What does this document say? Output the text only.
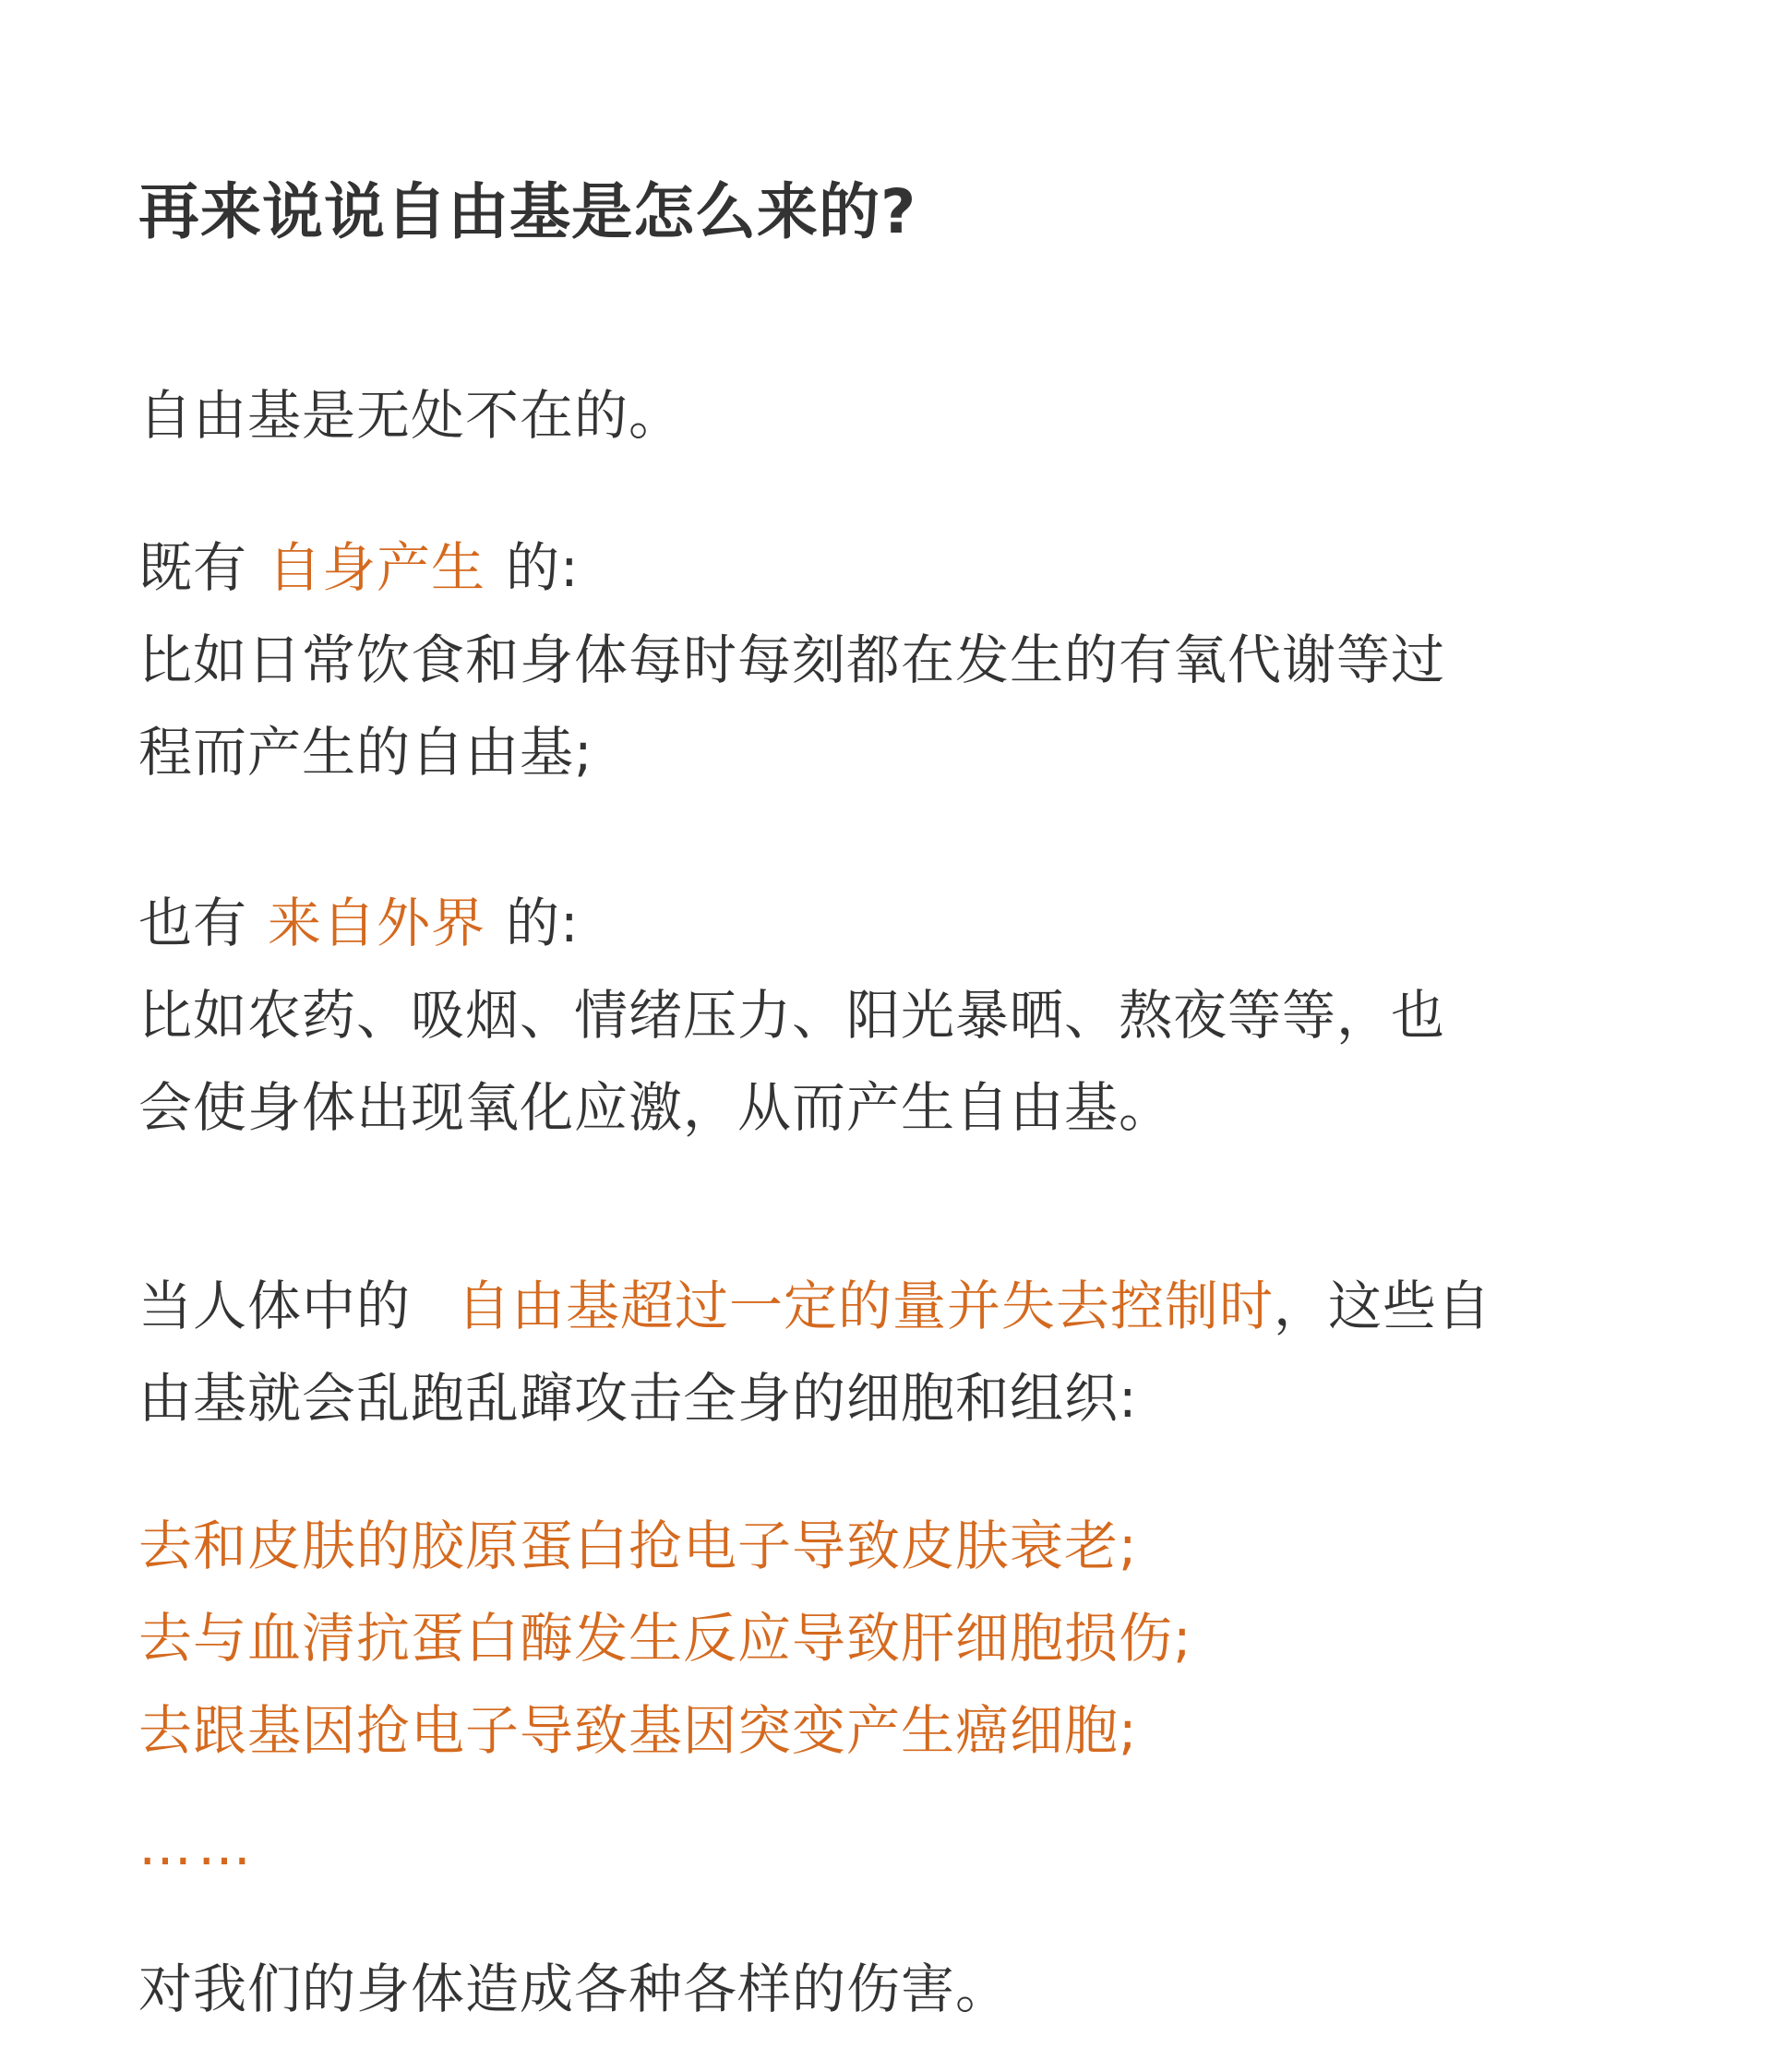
再来说说自由基是怎么来的?

自由基是无处不在的。

既有 自身产生 的:

比如日常饮食和身体每时每刻都在发生的有氧代谢等过

程而产生的自由基;

也有 来自外界 的:

比如农药、吸烟、情绪压力、阳光暴晒、熬夜等等，也

会使身体出现氧化应激，从而产生自由基。

当人体中的 自由基超过一定的量并失去控制时，这些自

由基就会乱跑乱蹿攻击全身的细胞和组织:

去和皮肤的胶原蛋白抢电子导致皮肤衰老;

去与血清抗蛋白酶发生反应导致肝细胞损伤;

去跟基因抢电子导致基因突变产生癌细胞;

……

对我们的身体造成各种各样的伤害。
